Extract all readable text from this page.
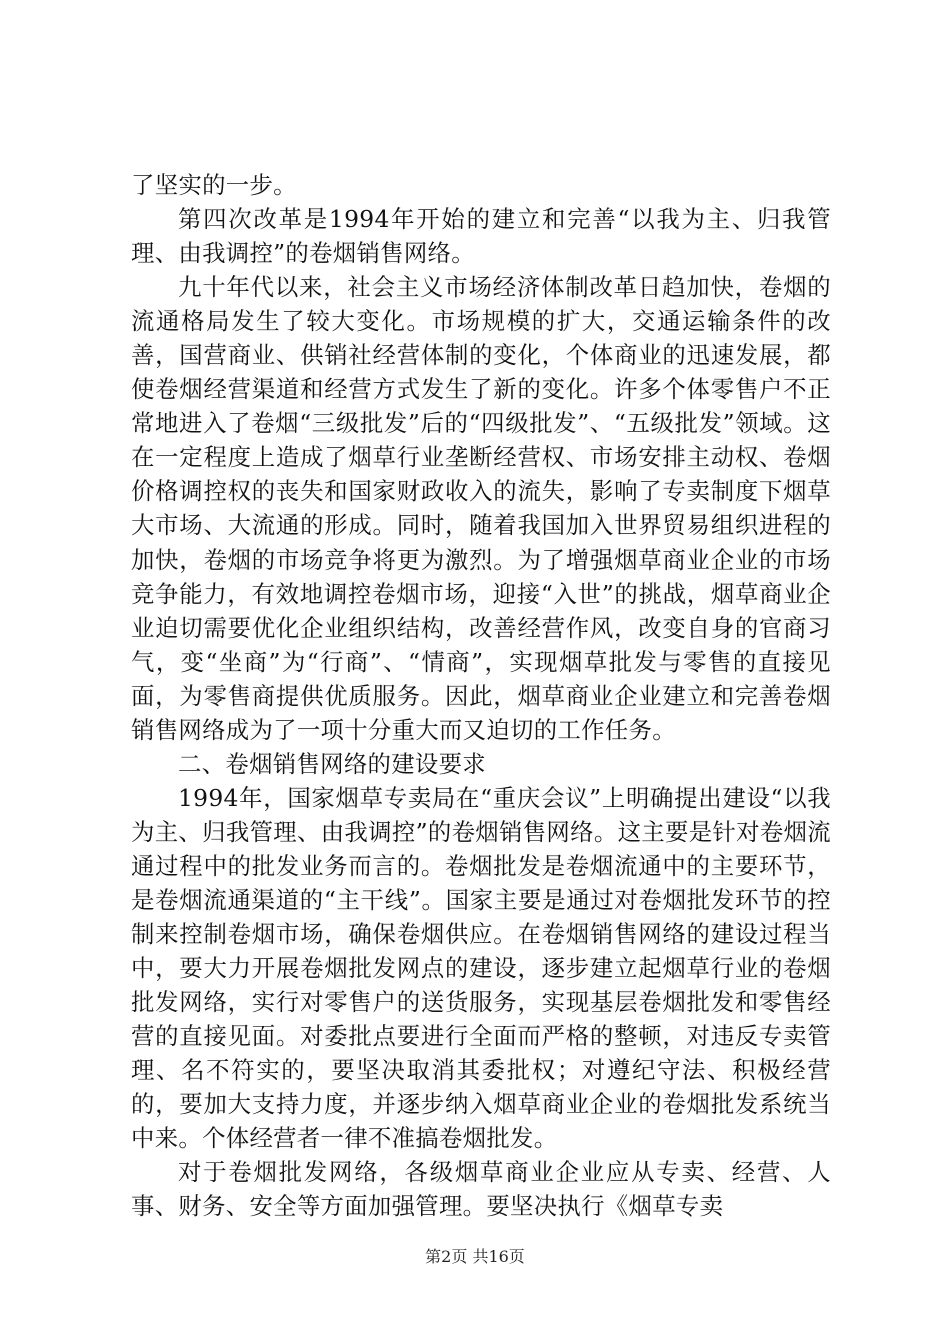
了坚实的一步。

第四次改革是1994年开始的建立和完善“以我为主、归我管理、由我调控”的卷烟销售网络。

九十年代以来，社会主义市场经济体制改革日趋加快，卷烟的流通格局发生了较大变化。市场规模的扩大，交通运输条件的改善，国营商业、供销社经营体制的变化，个体商业的迅速发展，都使卷烟经营渠道和经营方式发生了新的变化。许多个体零售户不正常地进入了卷烟“三级批发”后的“四级批发”、“五级批发”领域。这在一定程度上造成了烟草行业垄断经营权、市场安排主动权、卷烟价格调控权的丧失和国家财政收入的流失，影响了专卖制度下烟草大市场、大流通的形成。同时，随着我国加入世界贸易组织进程的加快，卷烟的市场竞争将更为激烈。为了增强烟草商业企业的市场竞争能力，有效地调控卷烟市场，迎接“入世”的挑战，烟草商业企业迫切需要优化企业组织结构，改善经营作风，改变自身的官商习气，变“坐商”为“行商”、“情商”，实现烟草批发与零售的直接见面，为零售商提供优质服务。因此，烟草商业企业建立和完善卷烟销售网络成为了一项十分重大而又迫切的工作任务。

二、卷烟销售网络的建设要求

1994年，国家烟草专卖局在“重庆会议”上明确提出建设“以我为主、归我管理、由我调控”的卷烟销售网络。这主要是针对卷烟流通过程中的批发业务而言的。卷烟批发是卷烟流通中的主要环节，是卷烟流通渠道的“主干线”。国家主要是通过对卷烟批发环节的控制来控制卷烟市场，确保卷烟供应。在卷烟销售网络的建设过程当中，要大力开展卷烟批发网点的建设，逐步建立起烟草行业的卷烟批发网络，实行对零售户的送货服务，实现基层卷烟批发和零售经营的直接见面。对委批点要进行全面而严格的整顿，对违反专卖管理、名不符实的，要坚决取消其委批权；对遵纪守法、积极经营的，要加大支持力度，并逐步纳入烟草商业企业的卷烟批发系统当中来。个体经营者一律不准搞卷烟批发。

对于卷烟批发网络，各级烟草商业企业应从专卖、经营、人事、财务、安全等方面加强管理。要坚决执行《烟草专卖

第2页 共16页
